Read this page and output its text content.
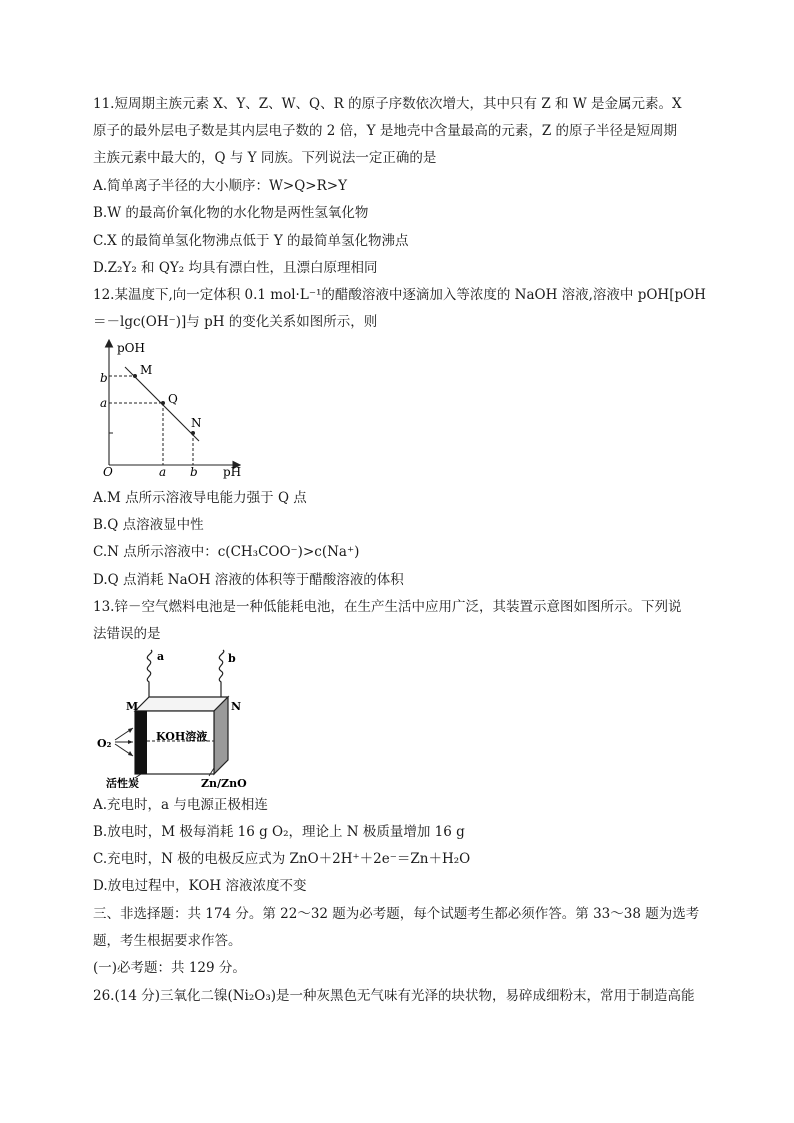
11.短周期主族元素 X、Y、Z、W、Q、R 的原子序数依次增大，其中只有 Z 和 W 是金属元素。X
原子的最外层电子数是其内层电子数的 2 倍，Y 是地壳中含量最高的元素，Z 的原子半径是短周期
主族元素中最大的，Q 与 Y 同族。下列说法一定正确的是
A.简单离子半径的大小顺序：W>Q>R>Y
B.W 的最高价氧化物的水化物是两性氢氧化物
C.X 的最简单氢化物沸点低于 Y 的最简单氢化物沸点
D.Z₂Y₂ 和 QY₂ 均具有漂白性，且漂白原理相同
12.某温度下,向一定体积 0.1 mol·L⁻¹的醋酸溶液中逐滴加入等浓度的 NaOH 溶液,溶液中 pOH[pOH
＝－lgc(OH⁻)]与 pH 的变化关系如图所示，则
pOH
pH
O
b
a
a b
M
Q
N
A.M 点所示溶液导电能力强于 Q 点
B.Q 点溶液显中性
C.N 点所示溶液中：c(CH₃COO⁻)>c(Na⁺)
D.Q 点消耗 NaOH 溶液的体积等于醋酸溶液的体积
13.锌－空气燃料电池是一种低能耗电池，在生产生活中应用广泛，其装置示意图如图所示。下列说
法错误的是
a	b
KOH溶液
M	N
O₂
活性炭	Zn/ZnO
A.充电时，a 与电源正极相连
B.放电时，M 极每消耗 16 g O₂，理论上 N 极质量增加 16 g
C.充电时，N 极的电极反应式为 ZnO＋2H⁺＋2e⁻＝Zn＋H₂O
D.放电过程中，KOH 溶液浓度不变
三、非选择题：共 174 分。第 22～32 题为必考题，每个试题考生都必须作答。第 33～38 题为选考
题，考生根据要求作答。
(一)必考题：共 129 分。
26.(14 分)三氧化二镍(Ni₂O₃)是一种灰黑色无气味有光泽的块状物，易碎成细粉末，常用于制造高能
